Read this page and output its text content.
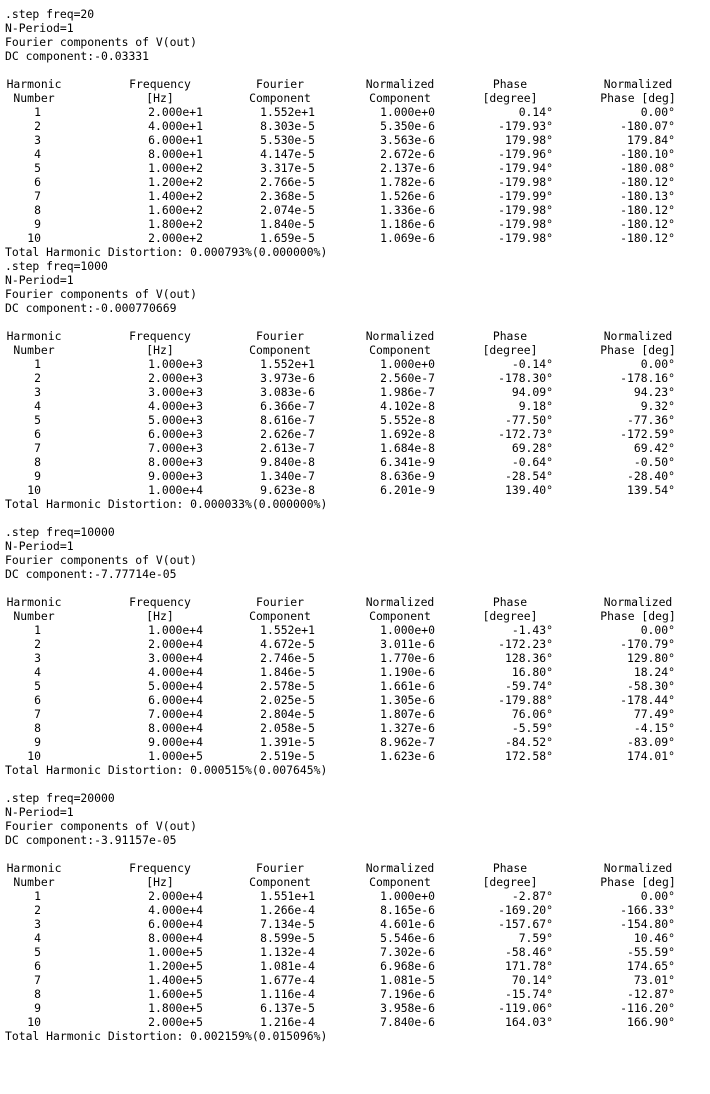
.step freq=20
N-Period=1
Fourier components of V(out)
DC component:-0.03331
Harmonic	Frequency	Fourier	Normalized	Phase	Normalized
Number	[Hz]	Component	Component	[degree]	Phase [deg]
1	2.000e+1	1.552e+1	1.000e+0	0.14°	0.00°
2	4.000e+1	8.303e-5	5.350e-6	-179.93°	-180.07°
3	6.000e+1	5.530e-5	3.563e-6	179.98°	179.84°
4	8.000e+1	4.147e-5	2.672e-6	-179.96°	-180.10°
5	1.000e+2	3.317e-5	2.137e-6	-179.94°	-180.08°
6	1.200e+2	2.766e-5	1.782e-6	-179.98°	-180.12°
7	1.400e+2	2.368e-5	1.526e-6	-179.99°	-180.13°
8	1.600e+2	2.074e-5	1.336e-6	-179.98°	-180.12°
9	1.800e+2	1.840e-5	1.186e-6	-179.98°	-180.12°
10	2.000e+2	1.659e-5	1.069e-6	-179.98°	-180.12°
Total Harmonic Distortion: 0.000793%(0.000000%)
.step freq=1000
N-Period=1
Fourier components of V(out)
DC component:-0.000770669
Harmonic	Frequency	Fourier	Normalized	Phase	Normalized
Number	[Hz]	Component	Component	[degree]	Phase [deg]
1	1.000e+3	1.552e+1	1.000e+0	-0.14°	0.00°
2	2.000e+3	3.973e-6	2.560e-7	-178.30°	-178.16°
3	3.000e+3	3.083e-6	1.986e-7	94.09°	94.23°
4	4.000e+3	6.366e-7	4.102e-8	9.18°	9.32°
5	5.000e+3	8.616e-7	5.552e-8	-77.50°	-77.36°
6	6.000e+3	2.626e-7	1.692e-8	-172.73°	-172.59°
7	7.000e+3	2.613e-7	1.684e-8	69.28°	69.42°
8	8.000e+3	9.840e-8	6.341e-9	-0.64°	-0.50°
9	9.000e+3	1.340e-7	8.636e-9	-28.54°	-28.40°
10	1.000e+4	9.623e-8	6.201e-9	139.40°	139.54°
Total Harmonic Distortion: 0.000033%(0.000000%)
.step freq=10000
N-Period=1
Fourier components of V(out)
DC component:-7.77714e-05
Harmonic	Frequency	Fourier	Normalized	Phase	Normalized
Number	[Hz]	Component	Component	[degree]	Phase [deg]
1	1.000e+4	1.552e+1	1.000e+0	-1.43°	0.00°
2	2.000e+4	4.672e-5	3.011e-6	-172.23°	-170.79°
3	3.000e+4	2.746e-5	1.770e-6	128.36°	129.80°
4	4.000e+4	1.846e-5	1.190e-6	16.80°	18.24°
5	5.000e+4	2.578e-5	1.661e-6	-59.74°	-58.30°
6	6.000e+4	2.025e-5	1.305e-6	-179.88°	-178.44°
7	7.000e+4	2.804e-5	1.807e-6	76.06°	77.49°
8	8.000e+4	2.058e-5	1.327e-6	-5.59°	-4.15°
9	9.000e+4	1.391e-5	8.962e-7	-84.52°	-83.09°
10	1.000e+5	2.519e-5	1.623e-6	172.58°	174.01°
Total Harmonic Distortion: 0.000515%(0.007645%)
.step freq=20000
N-Period=1
Fourier components of V(out)
DC component:-3.91157e-05
Harmonic	Frequency	Fourier	Normalized	Phase	Normalized
Number	[Hz]	Component	Component	[degree]	Phase [deg]
1	2.000e+4	1.551e+1	1.000e+0	-2.87°	0.00°
2	4.000e+4	1.266e-4	8.165e-6	-169.20°	-166.33°
3	6.000e+4	7.134e-5	4.601e-6	-157.67°	-154.80°
4	8.000e+4	8.599e-5	5.546e-6	7.59°	10.46°
5	1.000e+5	1.132e-4	7.302e-6	-58.46°	-55.59°
6	1.200e+5	1.081e-4	6.968e-6	171.78°	174.65°
7	1.400e+5	1.677e-4	1.081e-5	70.14°	73.01°
8	1.600e+5	1.116e-4	7.196e-6	-15.74°	-12.87°
9	1.800e+5	6.137e-5	3.958e-6	-119.06°	-116.20°
10	2.000e+5	1.216e-4	7.840e-6	164.03°	166.90°
Total Harmonic Distortion: 0.002159%(0.015096%)
